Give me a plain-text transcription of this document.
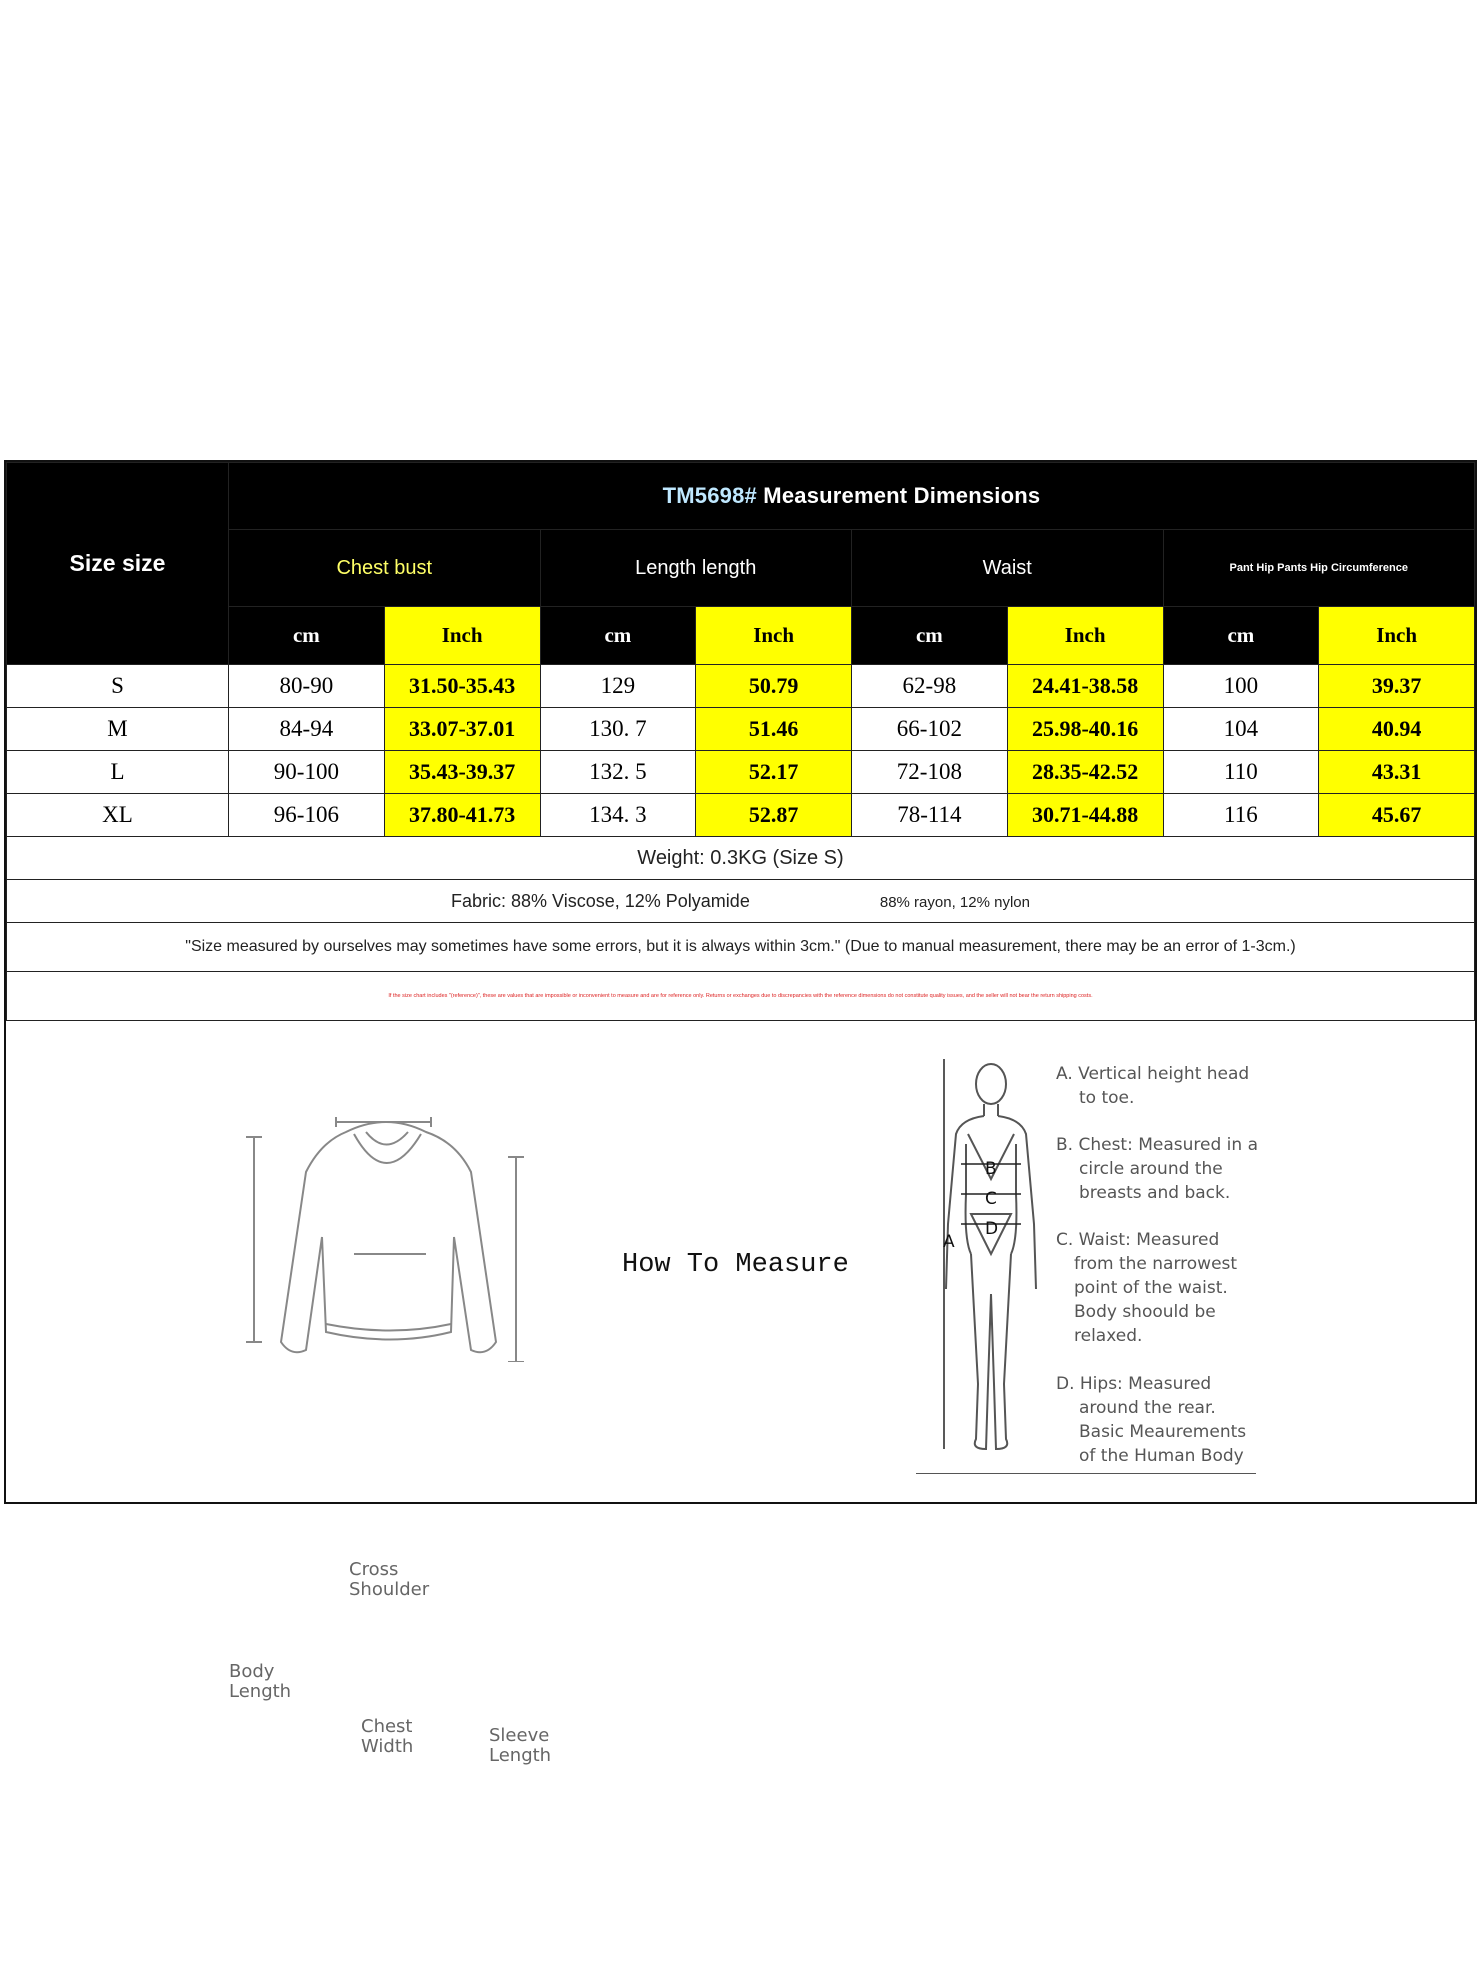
Size size	TM5698# Measurement Dimensions							
	Chest bust		Length length		Waist		Pant Hip Pants Hip Circumference	
	cm	Inch	cm	Inch	cm	Inch	cm	Inch
S	80-90	31.50-35.43	129	50.79	62-98	24.41-38.58	100	39.37
M	84-94	33.07-37.01	130. 7	51.46	66-102	25.98-40.16	104	40.94
L	90-100	35.43-39.37	132. 5	52.17	72-108	28.35-42.52	110	43.31
XL	96-106	37.80-41.73	134. 3	52.87	78-114	30.71-44.88	116	45.67
Weight: 0.3KG (Size S)								
Fabric: 88% Viscose, 12% Polyamide 88% rayon, 12% nylon								
"Size measured by ourselves may sometimes have some errors, but it is always within 3cm." (Due to manual measurement, there may be an error of 1-3cm.)								
If the size chart includes "(reference)", these are values that are impossible or inconvenient to measure and are for reference only. Returns or exchanges due to discrepancies with the reference dimensions do not constitute quality issues, and the seller will not bear the return shipping costs.								
Cross
Shoulder
Body
Length
Chest
Width
Sleeve
Length
How To Measure
A
B
C
D
A. Vertical height head
to toe.
B. Chest: Measured in a
circle around the
breasts and back.
C. Waist: Measured
from the narrowest
point of the waist.
Body shoould be
relaxed.
D. Hips: Measured
around the rear.
Basic Meaurements
of the Human Body
